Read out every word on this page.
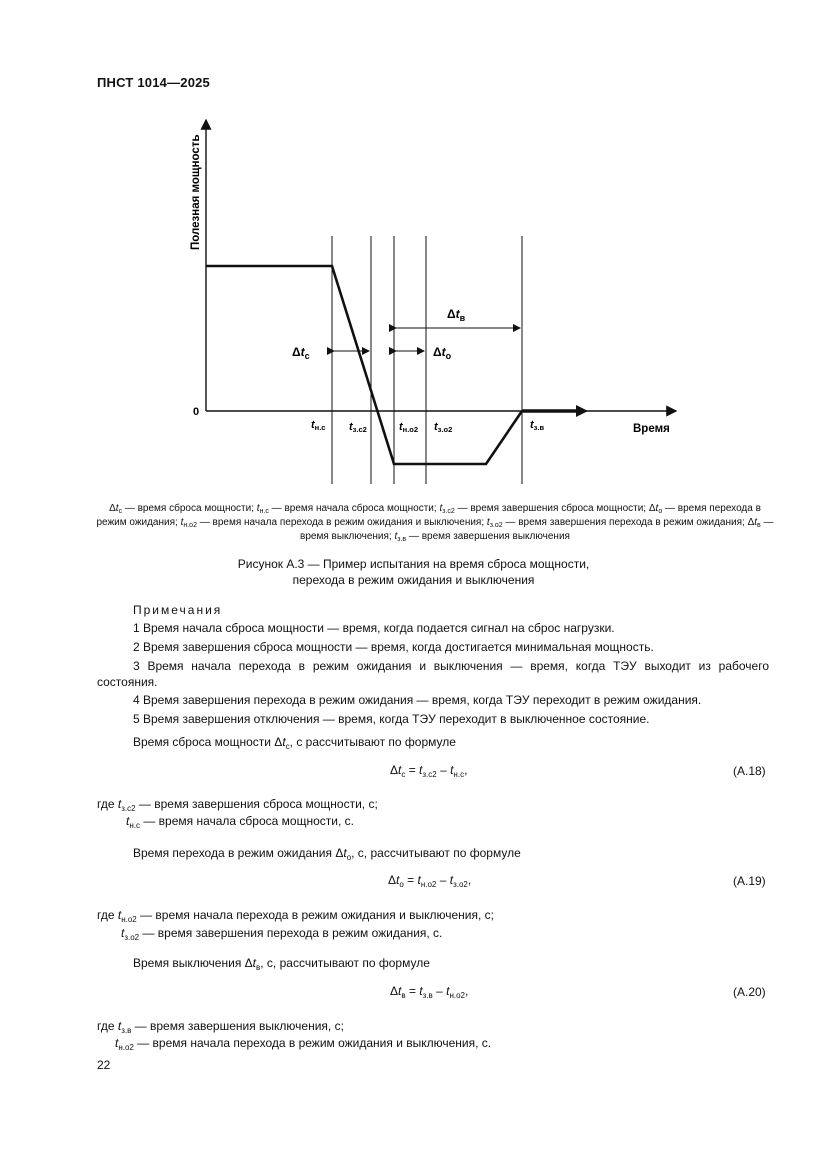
ПНСТ 1014—2025
Полезная мощность
0
Время
$\Delta t_c$	$\Delta t_о$
$\Delta t_в$
tн.с tз.с2	tн.о2 tз.о2	tз.в
$\Delta t_с$ — время сброса мощности; $t_{н.с}$ — время начала сброса мощности; $t_{з.с2}$ — время завершения сброса мощности; $\Delta t_о$ — время перехода в режим ожидания; $t_{н.о2}$ — время начала перехода в режим ожидания и выключения; $t_{з.о2}$ — время завершения перехода в режим ожидания; $\Delta t_в$ — время выключения; $t_{з.в}$ — время завершения выключения
Рисунок А.3 — Пример испытания на время сброса мощности,
перехода в режим ожидания и выключения
Примечания
1 Время начала сброса мощности — время, когда подается сигнал на сброс нагрузки.
2 Время завершения сброса мощности — время, когда достигается минимальная мощность.
3 Время начала перехода в режим ожидания и выключения — время, когда ТЭУ выходит из рабочего
состояния.
4 Время завершения перехода в режим ожидания — время, когда ТЭУ переходит в режим ожидания.
5 Время завершения отключения — время, когда ТЭУ переходит в выключенное состояние.
Время сброса мощности $\Delta t_с$, с рассчитывают по формуле
$\Delta t_с = t_{з.с2} - t_{н.с}$,	(А.18)
где $t_{з.с2}$ — время завершения сброса мощности, с;
$t_{н.с}$ — время начала сброса мощности, с.
Время перехода в режим ожидания $\Delta t_о$, с, рассчитывают по формуле
$\Delta t_о = t_{н.о2} - t_{з.о2}$,	(А.19)
где $t_{н.о2}$ — время начала перехода в режим ожидания и выключения, с;
$t_{з.о2}$ — время завершения перехода в режим ожидания, с.
Время выключения $\Delta t_в$, с, рассчитывают по формуле
$\Delta t_в = t_{з.в} - t_{н.о2}$,	(А.20)
где $t_{з.в}$ — время завершения выключения, с;
$t_{н.о2}$ — время начала перехода в режим ожидания и выключения, с.
22
